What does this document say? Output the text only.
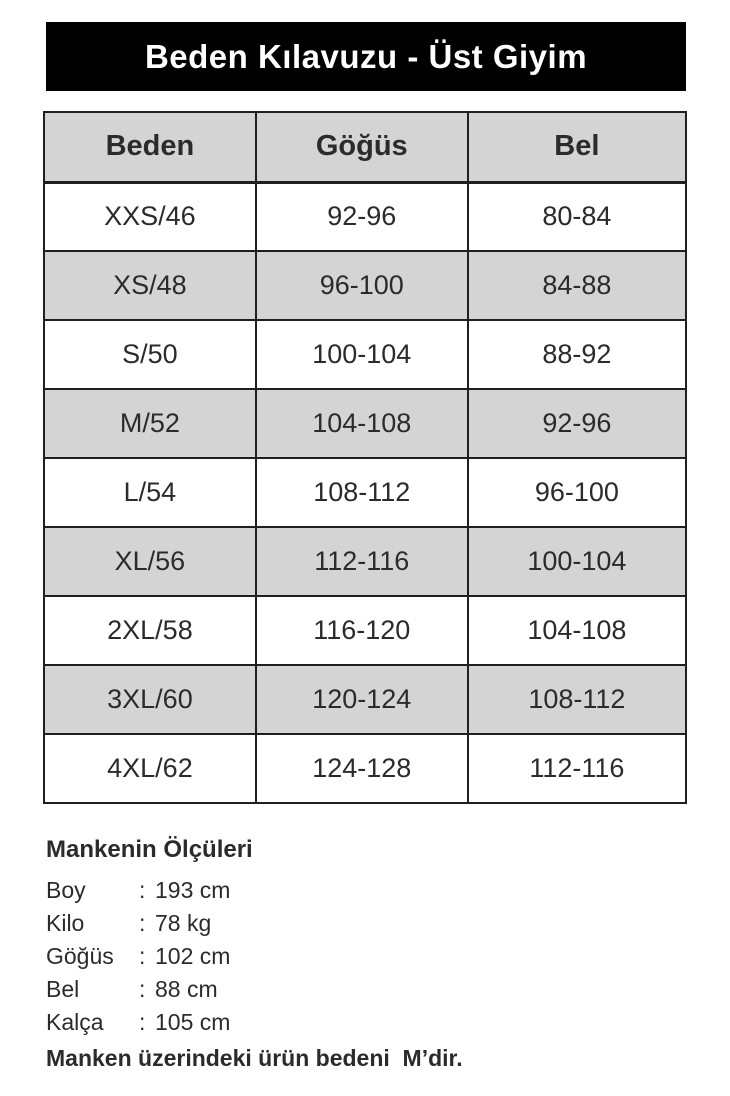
Beden Kılavuzu - Üst Giyim
Beden	Göğüs	Bel
XXS/46	92-96	80-84
XS/48	96-100	84-88
S/50	100-104	88-92
M/52	104-108	92-96
L/54	108-112	96-100
XL/56	112-116	100-104
2XL/58	116-120	104-108
3XL/60	120-124	108-112
4XL/62	124-128	112-116
Mankenin Ölçüleri
Boy	: 193 cm
Kilo	: 78 kg
Göğüs	: 102 cm
Bel	: 88 cm
Kalça	: 105 cm

Manken üzerindeki ürün bedeni  M’dir.
